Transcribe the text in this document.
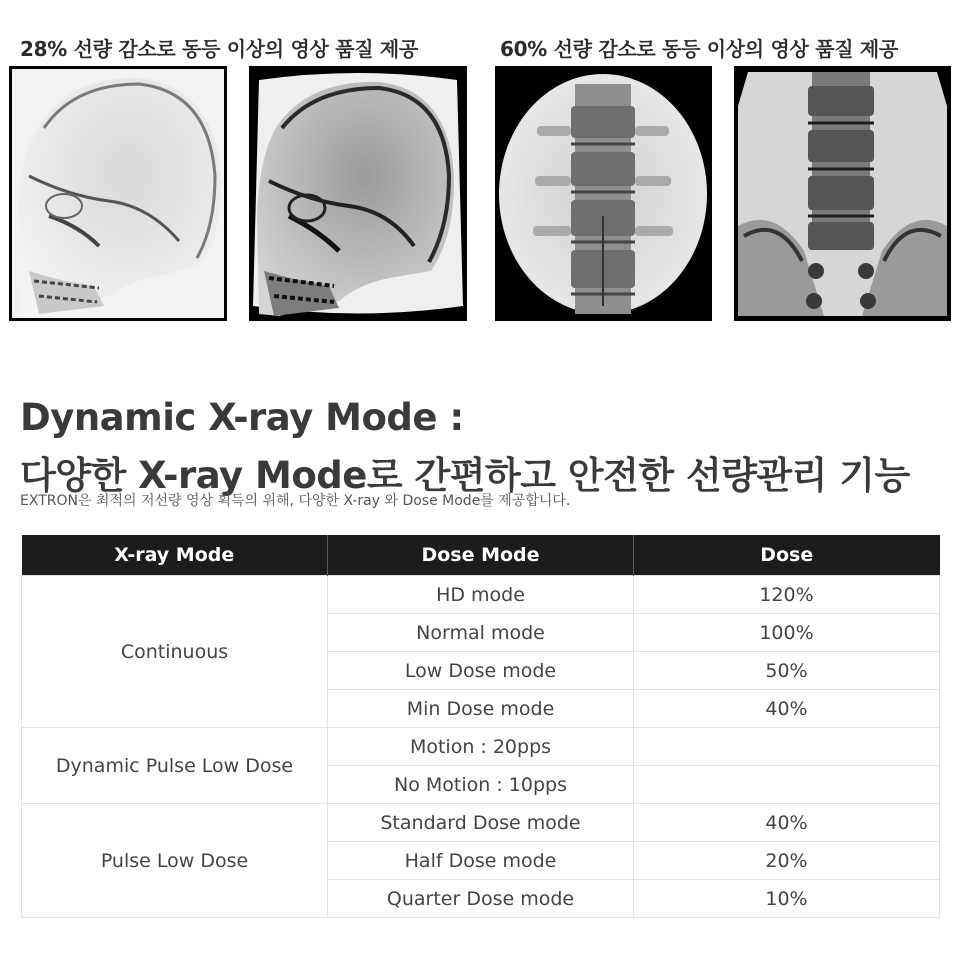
28% 선량 감소로 동등 이상의 영상 품질 제공	60% 선량 감소로 동등 이상의 영상 품질 제공
Dynamic X-ray Mode :
다양한 X-ray Mode로 간편하고 안전한 선량관리 기능
EXTRON은 최적의 저선량 영상 획득의 위해, 다양한 X-ray 와 Dose Mode를 제공합니다.
X-ray Mode	Dose Mode	Dose
Continuous	HD mode	120%
	Normal mode	100%
	Low Dose mode	50%
	Min Dose mode	40%
Dynamic Pulse Low Dose	Motion : 20pps	
	No Motion : 10pps	
Pulse Low Dose	Standard Dose mode	40%
	Half Dose mode	20%
	Quarter Dose mode	10%
